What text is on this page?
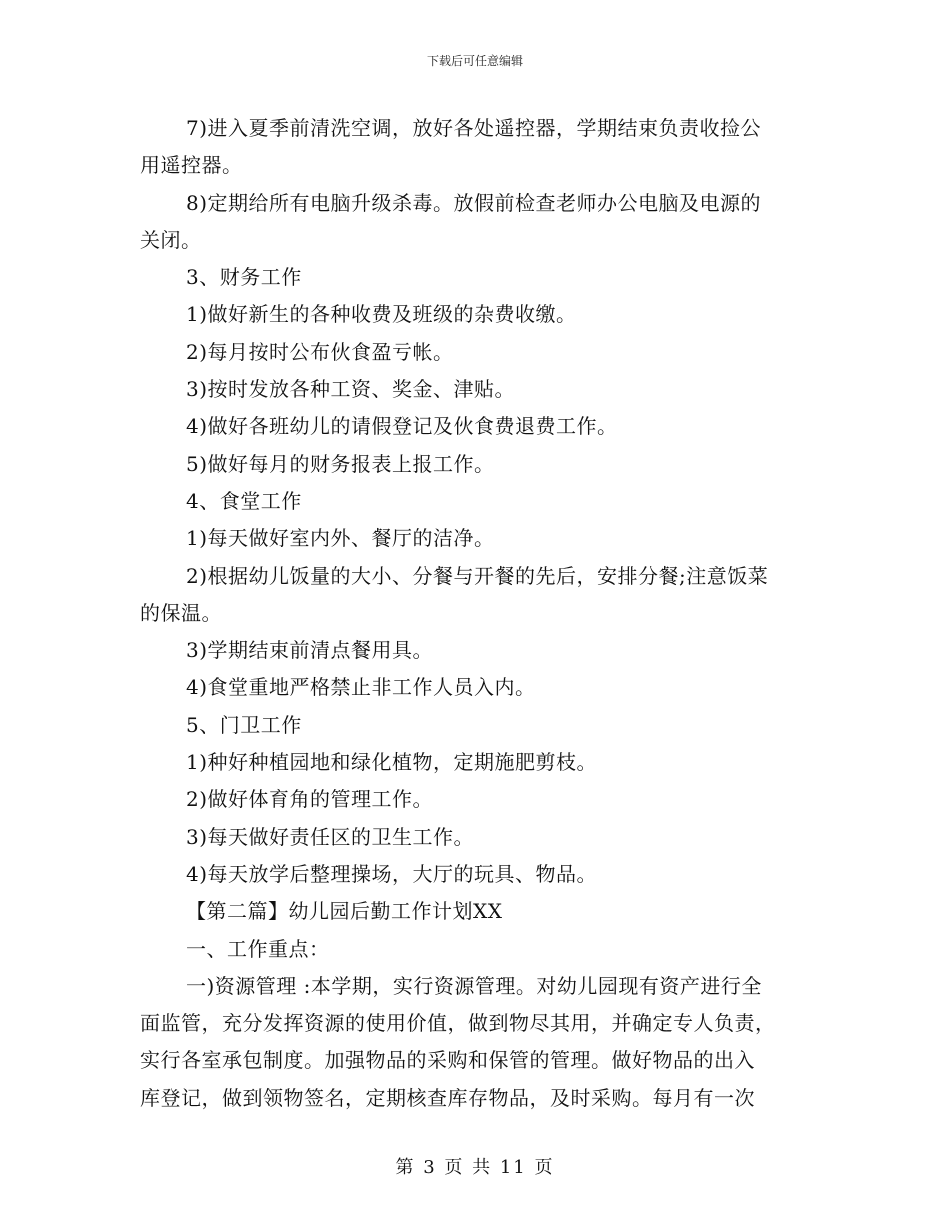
下载后可任意编辑
7)进入夏季前清洗空调，放好各处遥控器，学期结束负责收捡公
用遥控器。
8)定期给所有电脑升级杀毒。放假前检查老师办公电脑及电源的
关闭。
3、财务工作
1)做好新生的各种收费及班级的杂费收缴。
2)每月按时公布伙食盈亏帐。
3)按时发放各种工资、奖金、津贴。
4)做好各班幼儿的请假登记及伙食费退费工作。
5)做好每月的财务报表上报工作。
4、食堂工作
1)每天做好室内外、餐厅的洁净。
2)根据幼儿饭量的大小、分餐与开餐的先后，安排分餐;注意饭菜
的保温。
3)学期结束前清点餐用具。
4)食堂重地严格禁止非工作人员入内。
5、门卫工作
1)种好种植园地和绿化植物，定期施肥剪枝。
2)做好体育角的管理工作。
3)每天做好责任区的卫生工作。
4)每天放学后整理操场，大厅的玩具、物品。
【第二篇】幼儿园后勤工作计划XX
一、工作重点：
一)资源管理 :本学期，实行资源管理。对幼儿园现有资产进行全
面监管，充分发挥资源的使用价值，做到物尽其用，并确定专人负责，
实行各室承包制度。加强物品的采购和保管的管理。做好物品的出入
库登记，做到领物签名，定期核查库存物品，及时采购。每月有一次
第 3 页 共 11 页
